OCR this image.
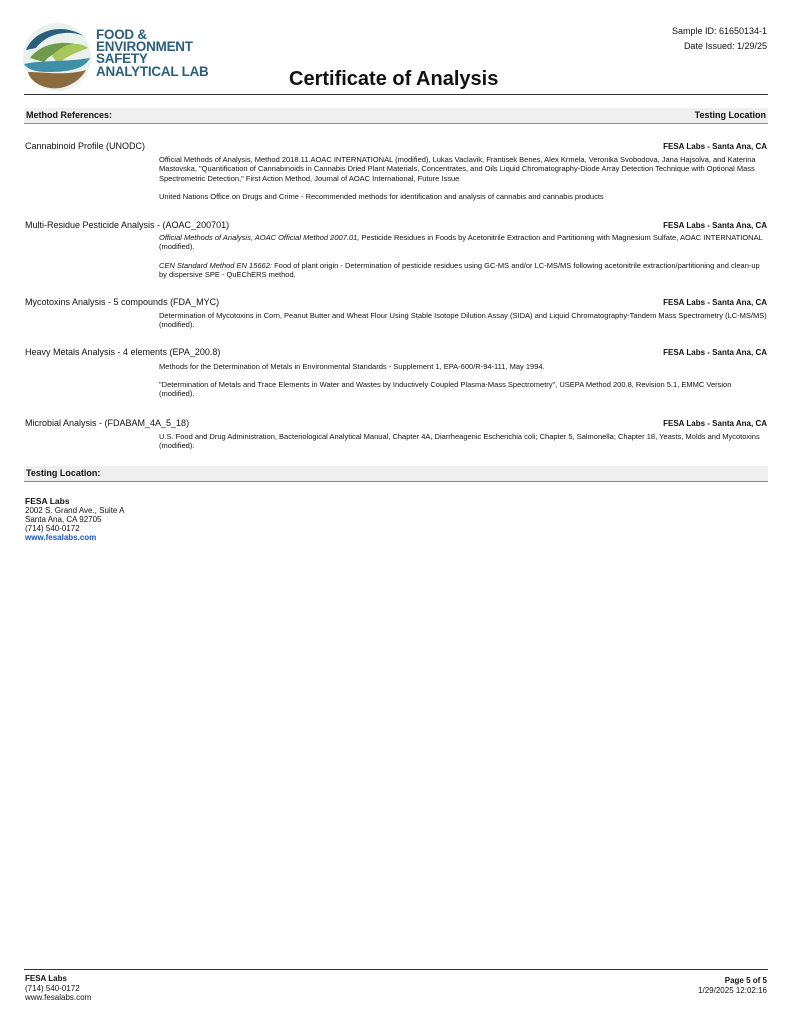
FOOD &
ENVIRONMENT
SAFETY
ANALYTICAL LAB	Certificate of Analysis
Sample ID: 61650134-1
Date Issued: 1/29/25
Method References:	Testing Location
Cannabinoid Profile (UNODC)	FESA Labs - Santa Ana, CA
Official Methods of Analysis, Method 2018.11.AOAC INTERNATIONAL (modified), Lukas Vaclavik, Frantisek Benes, Alex Krmela, Veronika Svobodova, Jana Hajsolva, and Katerina Mastovska, "Quantification of Cannabinoids in Cannabis Dried Plant Materials, Concentrates, and Oils Liquid Chromatography-Diode Array Detection Technique with Optional Mass Spectrometric Detection," First Action Method, Journal of AOAC International, Future Issue
United Nations Office on Drugs and Crime - Recommended methods for identification and analysis of cannabis and cannabis products
Multi-Residue Pesticide Analysis - (AOAC_200701)	FESA Labs - Santa Ana, CA
Official Methods of Analysis, AOAC Official Method 2007.01, Pesticide Residues in Foods by Acetonitrile Extraction and Partitioning with Magnesium Sulfate, AOAC INTERNATIONAL (modified).
CEN Standard Method EN 15662: Food of plant origin - Determination of pesticide residues using GC-MS and/or LC-MS/MS following acetonitrile extraction/partitioning and clean-up by dispersive SPE - QuEChERS method.
Mycotoxins Analysis - 5 compounds (FDA_MYC)	FESA Labs - Santa Ana, CA
Determination of Mycotoxins in Corn, Peanut Butter and Wheat Flour Using Stable Isotope Dilution Assay (SIDA) and Liquid Chromatography-Tandem Mass Spectrometry (LC-MS/MS) (modified).
Heavy Metals Analysis - 4 elements (EPA_200.8)	FESA Labs - Santa Ana, CA
Methods for the Determination of Metals in Environmental Standards - Supplement 1, EPA-600/R-94-111, May 1994.
"Determination of Metals and Trace Elements in Water and Wastes by Inductively Coupled Plasma-Mass Spectrometry", USEPA Method 200.8, Revision 5.1, EMMC Version (modified).
Microbial Analysis - (FDABAM_4A_5_18)	FESA Labs - Santa Ana, CA
U.S. Food and Drug Administration, Bacteriological Analytical Manual, Chapter 4A, Diarrheagenic Escherichia coli; Chapter 5, Salmonella; Chapter 18, Yeasts, Molds and Mycotoxins (modified).
Testing Location:
FESA Labs
2002 S. Grand Ave., Suite A
Santa Ana, CA 92705
(714) 540-0172
www.fesalabs.com
FESA Labs
(714) 540-0172
www.fesalabs.com
Page 5 of 5
1/29/2025 12:02:16
